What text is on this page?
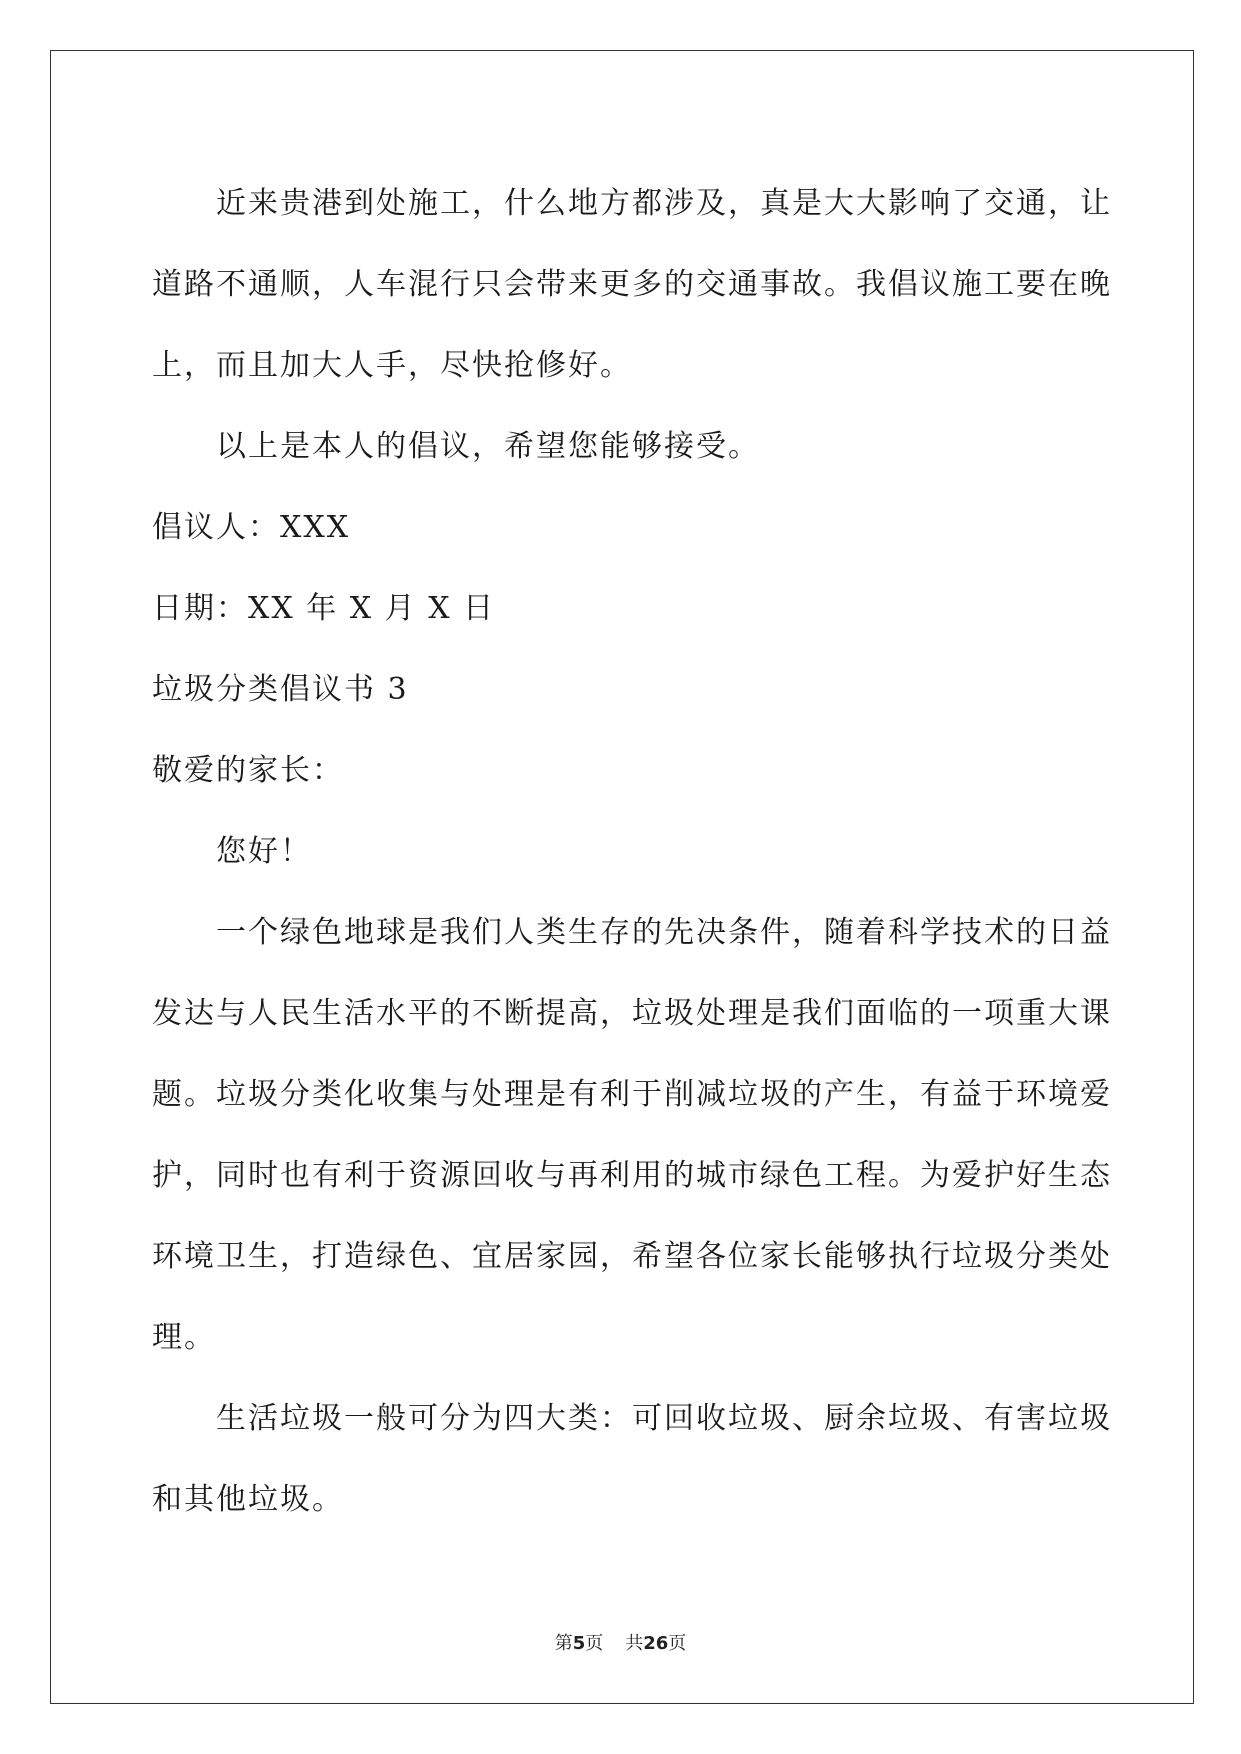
近来贵港到处施工，什么地方都涉及，真是大大影响了交通，让
道路不通顺，人车混行只会带来更多的交通事故。我倡议施工要在晚
上，而且加大人手，尽快抢修好。
以上是本人的倡议，希望您能够接受。
倡议人：XXX
日期：XX 年 X 月 X 日
垃圾分类倡议书 3
敬爱的家长：
您好！
一个绿色地球是我们人类生存的先决条件，随着科学技术的日益
发达与人民生活水平的不断提高，垃圾处理是我们面临的一项重大课
题。垃圾分类化收集与处理是有利于削减垃圾的产生，有益于环境爱
护，同时也有利于资源回收与再利用的城市绿色工程。为爱护好生态
环境卫生，打造绿色、宜居家园，希望各位家长能够执行垃圾分类处
理。
生活垃圾一般可分为四大类：可回收垃圾、厨余垃圾、有害垃圾
和其他垃圾。
第5页 共26页
